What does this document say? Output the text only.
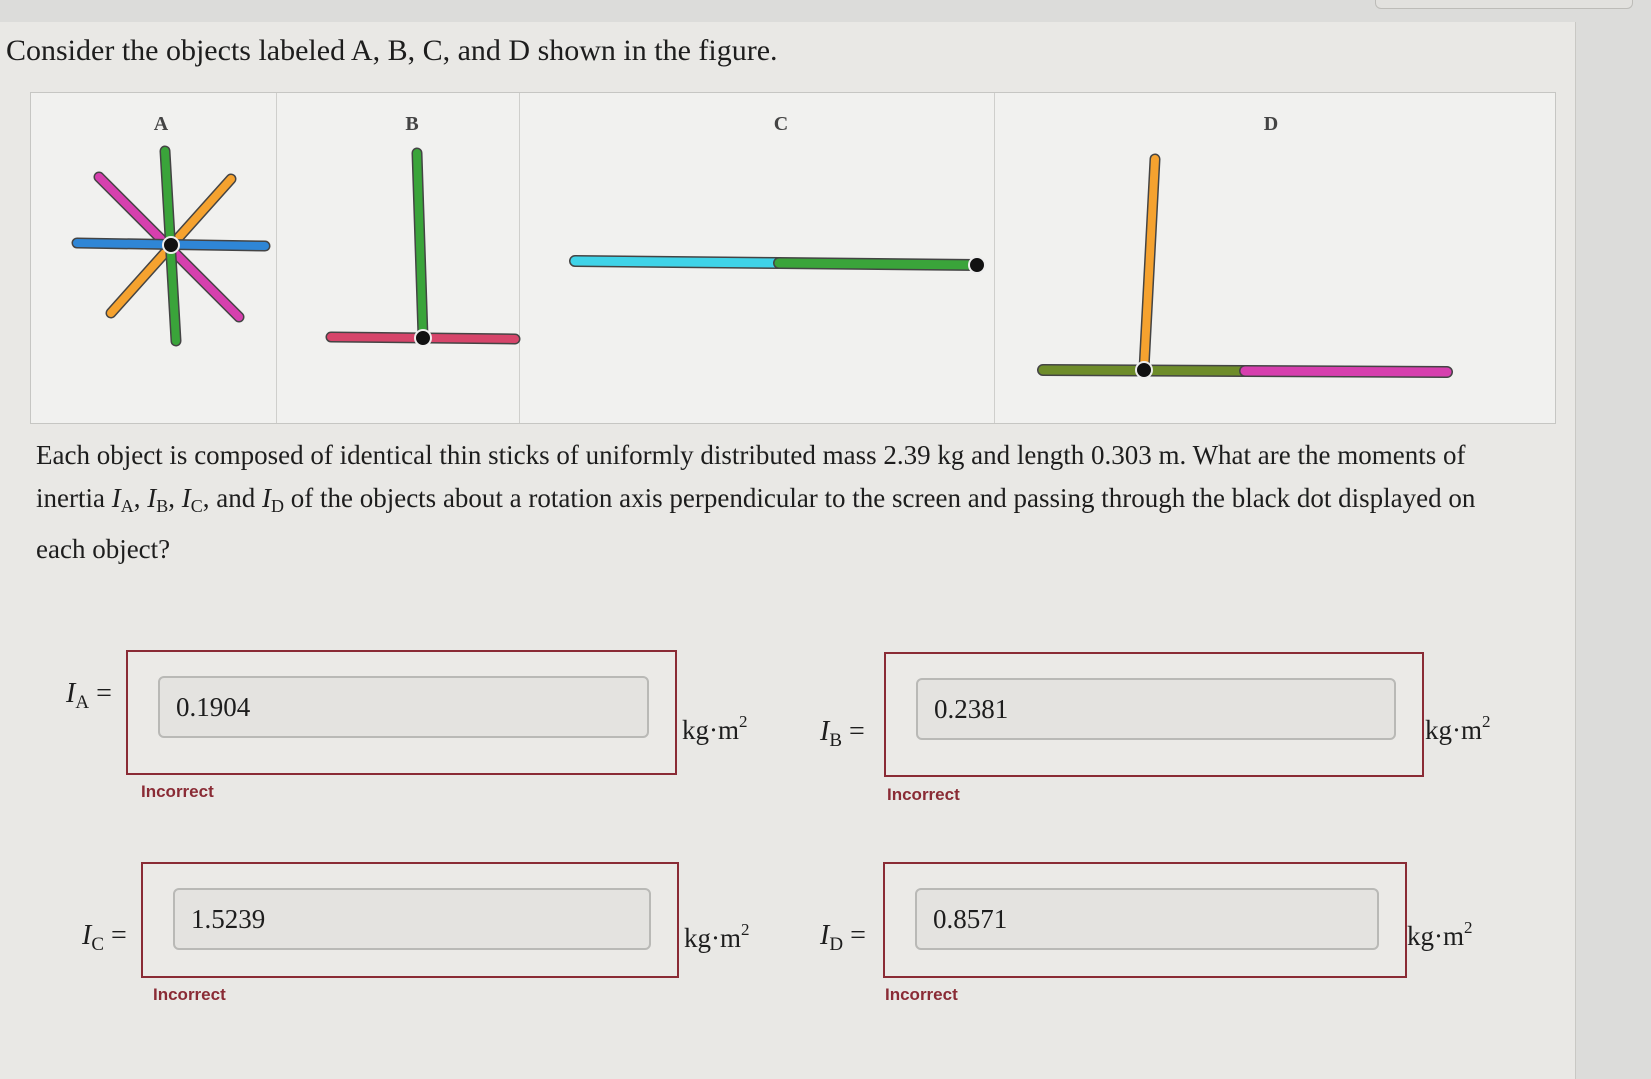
Consider the objects labeled A, B, C, and D shown in the figure.

A	B	C	D

Each object is composed of identical thin sticks of uniformly distributed mass 2.39 kg and length 0.303 m. What are the moments of inertia $I_A$, $I_B$, $I_C$, and $I_D$ of the objects about a rotation axis perpendicular to the screen and passing through the black dot displayed on each object?

$I_A$ =
0.1904
$kg\cdot m^2$
Incorrect
$I_B$ =
0.2381	$kg\cdot m^2$
Incorrect
$I_C$ =
1.5239	$kg\cdot m^2$
Incorrect
$I_D$ =
0.8571	$kg\cdot m^2$
Incorrect
